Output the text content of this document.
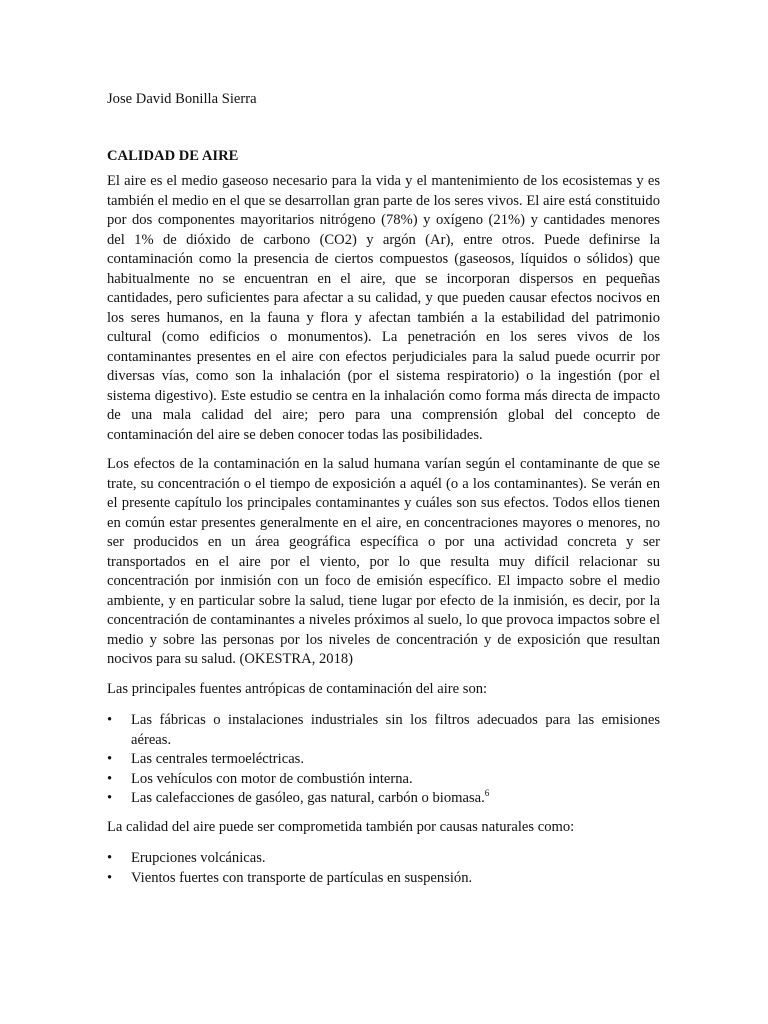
Jose David Bonilla Sierra

CALIDAD DE AIRE

El aire es el medio gaseoso necesario para la vida y el mantenimiento de los ecosistemas y es también el medio en el que se desarrollan gran parte de los seres vivos. El aire está constituido por dos componentes mayoritarios nitrógeno (78%) y oxígeno (21%) y cantidades menores del 1% de dióxido de carbono (CO2) y argón (Ar), entre otros. Puede definirse la contaminación como la presencia de ciertos compuestos (gaseosos, líquidos o sólidos) que habitualmente no se encuentran en el aire, que se incorporan dispersos en pequeñas cantidades, pero suficientes para afectar a su calidad, y que pueden causar efectos nocivos en los seres humanos, en la fauna y flora y afectan también a la estabilidad del patrimonio cultural (como edificios o monumentos). La penetración en los seres vivos de los contaminantes presentes en el aire con efectos perjudiciales para la salud puede ocurrir por diversas vías, como son la inhalación (por el sistema respiratorio) o la ingestión (por el sistema digestivo). Este estudio se centra en la inhalación como forma más directa de impacto de una mala calidad del aire; pero para una comprensión global del concepto de contaminación del aire se deben conocer todas las posibilidades.

Los efectos de la contaminación en la salud humana varían según el contaminante de que se trate, su concentración o el tiempo de exposición a aquél (o a los contaminantes). Se verán en el presente capítulo los principales contaminantes y cuáles son sus efectos. Todos ellos tienen en común estar presentes generalmente en el aire, en concentraciones mayores o menores, no ser producidos en un área geográfica específica o por una actividad concreta y ser transportados en el aire por el viento, por lo que resulta muy difícil relacionar su concentración por inmisión con un foco de emisión específico. El impacto sobre el medio ambiente, y en particular sobre la salud, tiene lugar por efecto de la inmisión, es decir, por la concentración de contaminantes a niveles próximos al suelo, lo que provoca impactos sobre el medio y sobre las personas por los niveles de concentración y de exposición que resultan nocivos para su salud. (OKESTRA, 2018)

Las principales fuentes antrópicas de contaminación del aire son:

• Las fábricas o instalaciones industriales sin los filtros adecuados para las emisiones aéreas.
• Las centrales termoeléctricas.
• Los vehículos con motor de combustión interna.
• Las calefacciones de gasóleo, gas natural, carbón o biomasa.$^6$

La calidad del aire puede ser comprometida también por causas naturales como:

• Erupciones volcánicas.
• Vientos fuertes con transporte de partículas en suspensión.
